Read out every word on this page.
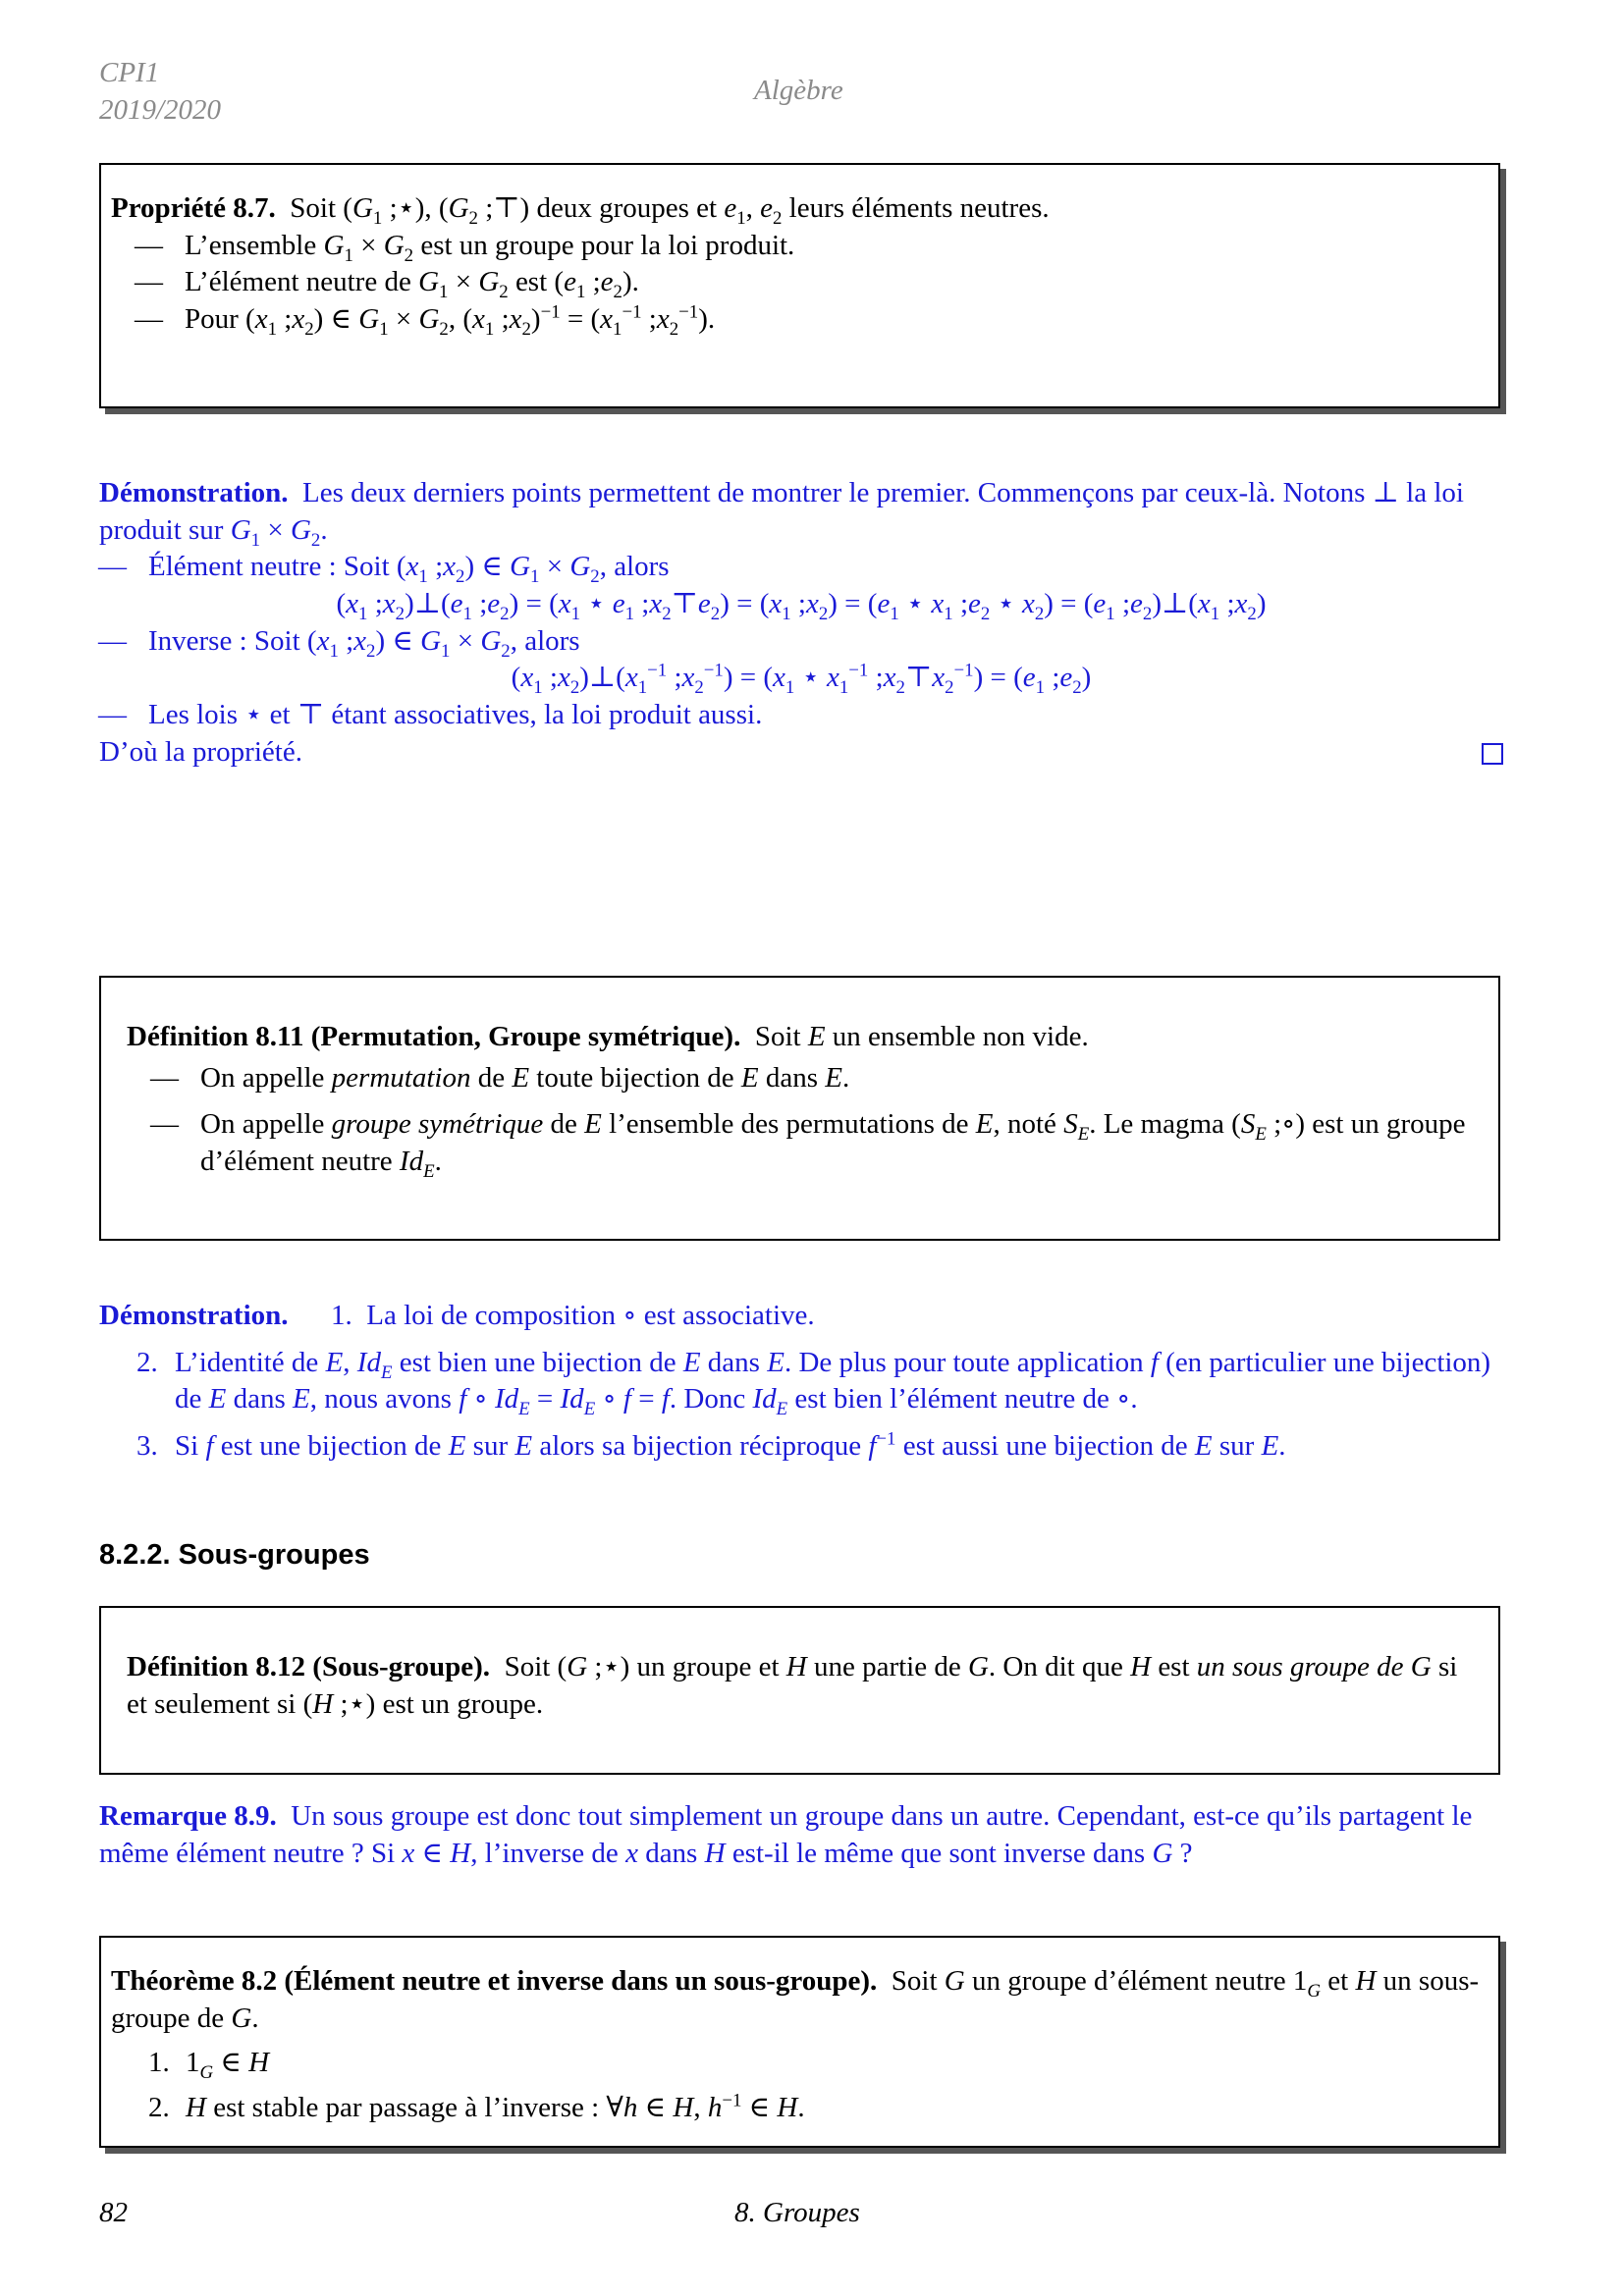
CPI1
2019/2020
Algèbre

Propriété 8.7. Soit ($G_1$ ;⋆), ($G_2$ ;⊤) deux groupes et $e_1$, $e_2$ leurs éléments neutres.

— L’ensemble $G_1 \times G_2$ est un groupe pour la loi produit.
— L’élément neutre de $G_1 \times G_2$ est ($e_1$ $;e_2$).
— Pour ($x_1$ $;x_2$) ∈ $G_1 \times G_2$, ($x_1$ $;x_2)^{-1} = (x_1^{-1}$ $;x_2^{-1}$).

Démonstration.  Les deux derniers points permettent de montrer le premier. Commençons par ceux-là. Notons ⊥ la loi produit sur $G_1 \times G_2$.

— Élément neutre : Soit ($x_1$ $;x_2$) ∈ $G_1 \times G_2$, alors

($x_1$ $;x_2)\perp(e_1$ $;e_2) = (x_1$ ⋆ $e_1$ $;x_2⊤e_2) = (x_1$ $;x_2) = (e_1$ ⋆ $x_1$ $;e_2$ ⋆ $x_2) = (e_1$ $;e_2)\perp(x_1$ $;x_2$)

— Inverse : Soit ($x_1$ $;x_2$) ∈ $G_1 \times G_2$, alors

($x_1$ $;x_2)\perp(x_1^{-1}$ $;x_2^{-1}) = (x_1$ ⋆ $x_1^{-1}$ $;x_2⊤x_2^{-1}) = (e_1$ $;e_2$)

— Les lois ⋆ et ⊤ étant associatives, la loi produit aussi.

D’où la propriété.

Définition 8.11 (Permutation, Groupe symétrique). Soit E un ensemble non vide.

— On appelle permutation de E toute bijection de E dans E.
— On appelle groupe symétrique de E l’ensemble des permutations de E, noté $S_E$. Le magma ($S_E$ ;∘) est un groupe d’élément neutre $Id_E$.

Démonstration.      1.  La loi de composition ∘ est associative.

2. L’identité de E, $Id_E$ est bien une bijection de E dans E. De plus pour toute application f (en particulier une bijection) de E dans E, nous avons f ∘ $Id_E = Id_E$ ∘ f = f. Donc $Id_E$ est bien l’élément neutre de ∘.
3. Si f est une bijection de E sur E alors sa bijection réciproque $f^{-1}$ est aussi une bijection de E sur E.
8.2.2. Sous-groupes

Définition 8.12 (Sous-groupe).  Soit (G ;⋆) un groupe et H une partie de G. On dit que H est un sous groupe de G si et seulement si (H ;⋆) est un groupe.

Remarque 8.9.  Un sous groupe est donc tout simplement un groupe dans un autre. Cependant, est-ce qu’ils partagent le même élément neutre ? Si x ∈ H, l’inverse de x dans H est-il le même que sont inverse dans G ?

Théorème 8.2 (Élément neutre et inverse dans un sous-groupe).  Soit G un groupe d’élément neutre $1_G$ et H un sous-groupe de G.

1. $1_G$ ∈ H
2. H est stable par passage à l’inverse : ∀h ∈ H, $h^{-1}$ ∈ H.
82	8. Groupes
